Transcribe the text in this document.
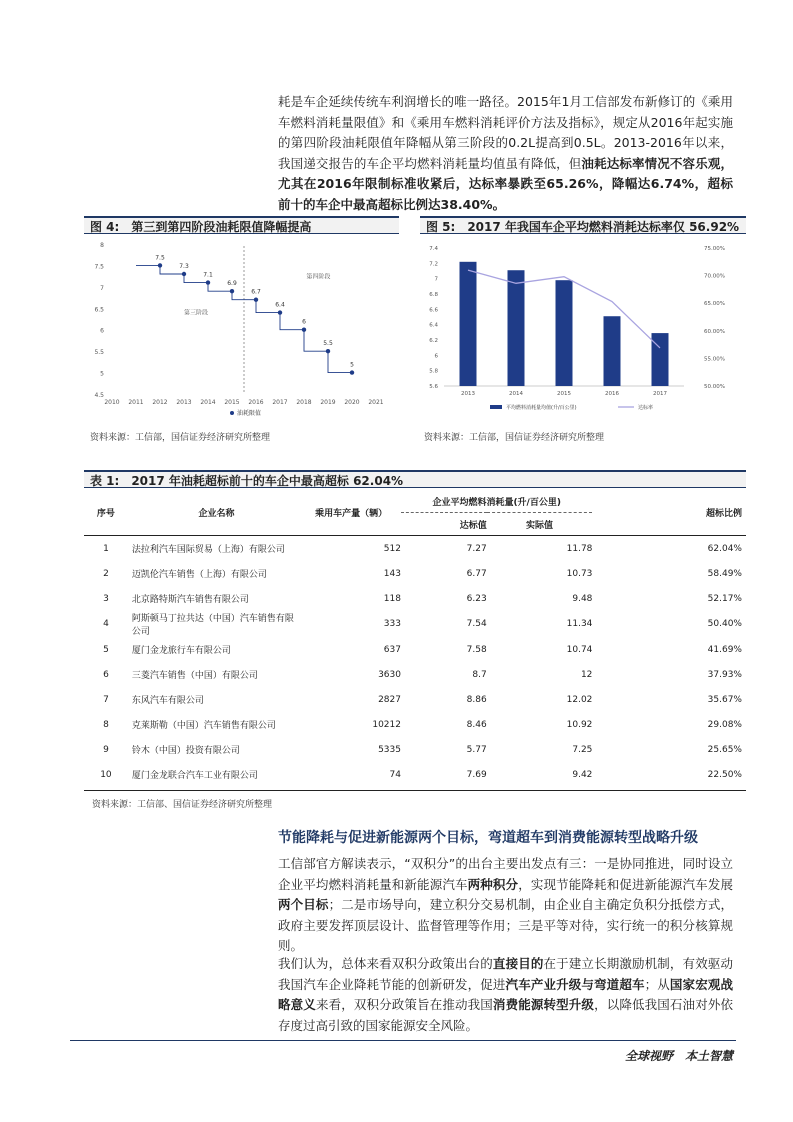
耗是车企延续传统车利润增长的唯一路径。2015年1月工信部发布新修订的《乘用车燃料消耗量限值》和《乘用车燃料消耗评价方法及指标》，规定从2016年起实施的第四阶段油耗限值年降幅从第三阶段的0.2L提高到0.5L。2013-2016年以来，我国递交报告的车企平均燃料消耗量均值虽有降低，但油耗达标率情况不容乐观，尤其在2016年限制标准收紧后，达标率暴跌至65.26%，降幅达6.74%，超标前十的车企中最高超标比例达38.40%。

图 4:　第三到第四阶段油耗限值降幅提高	图 5:　2017 年我国车企平均燃料消耗达标率仅 56.92%
4.5
5
5.5
6
6.5
7
7.5
8
2010 2011 2012 2013 2014 2015 2016 2017 2018 2019 2020 2021
第三阶段
第四阶段
7.5
7.3
7.1
6.9
6.7
6.4
6
5.5
5
油耗限值
5.6
5.8
6
6.2
6.4
6.6
6.8
7
7.2
7.4
50.00%
55.00%
60.00%
65.00%
70.00%
75.00%
2013	2014	2015	2016	2017
平均燃料消耗量均值(升/百公里)	达标率
资料来源：工信部，国信证券经济研究所整理	资料来源：工信部，国信证券经济研究所整理
表 1:　2017 年油耗超标前十的车企中最高超标 62.04%
序号	企业名称	乘用车产量（辆）	企业平均燃料消耗量(升/百公里)		超标比例
			达标值	实际值	
1	法拉利汽车国际贸易（上海）有限公司	512	7.27	11.78	62.04%
2	迈凯伦汽车销售（上海）有限公司	143	6.77	10.73	58.49%
3	北京路特斯汽车销售有限公司	118	6.23	9.48	52.17%
4	阿斯顿马丁拉共达（中国）汽车销售有限公司	333	7.54	11.34	50.40%
5	厦门金龙旅行车有限公司	637	7.58	10.74	41.69%
6	三菱汽车销售（中国）有限公司	3630	8.7	12	37.93%
7	东风汽车有限公司	2827	8.86	12.02	35.67%
8	克莱斯勒（中国）汽车销售有限公司	10212	8.46	10.92	29.08%
9	铃木（中国）投资有限公司	5335	5.77	7.25	25.65%
10	厦门金龙联合汽车工业有限公司	74	7.69	9.42	22.50%
资料来源：工信部、国信证券经济研究所整理
节能降耗与促进新能源两个目标，弯道超车到消费能源转型战略升级

工信部官方解读表示，“双积分”的出台主要出发点有三：一是协同推进，同时设立企业平均燃料消耗量和新能源汽车两种积分，实现节能降耗和促进新能源汽车发展两个目标；二是市场导向，建立积分交易机制，由企业自主确定负积分抵偿方式，政府主要发挥顶层设计、监督管理等作用；三是平等对待，实行统一的积分核算规则。

我们认为，总体来看双积分政策出台的直接目的在于建立长期激励机制，有效驱动我国汽车企业降耗节能的创新研发，促进汽车产业升级与弯道超车；从国家宏观战略意义来看，双积分政策旨在推动我国消费能源转型升级，以降低我国石油对外依存度过高引致的国家能源安全风险。

全球视野　本土智慧
